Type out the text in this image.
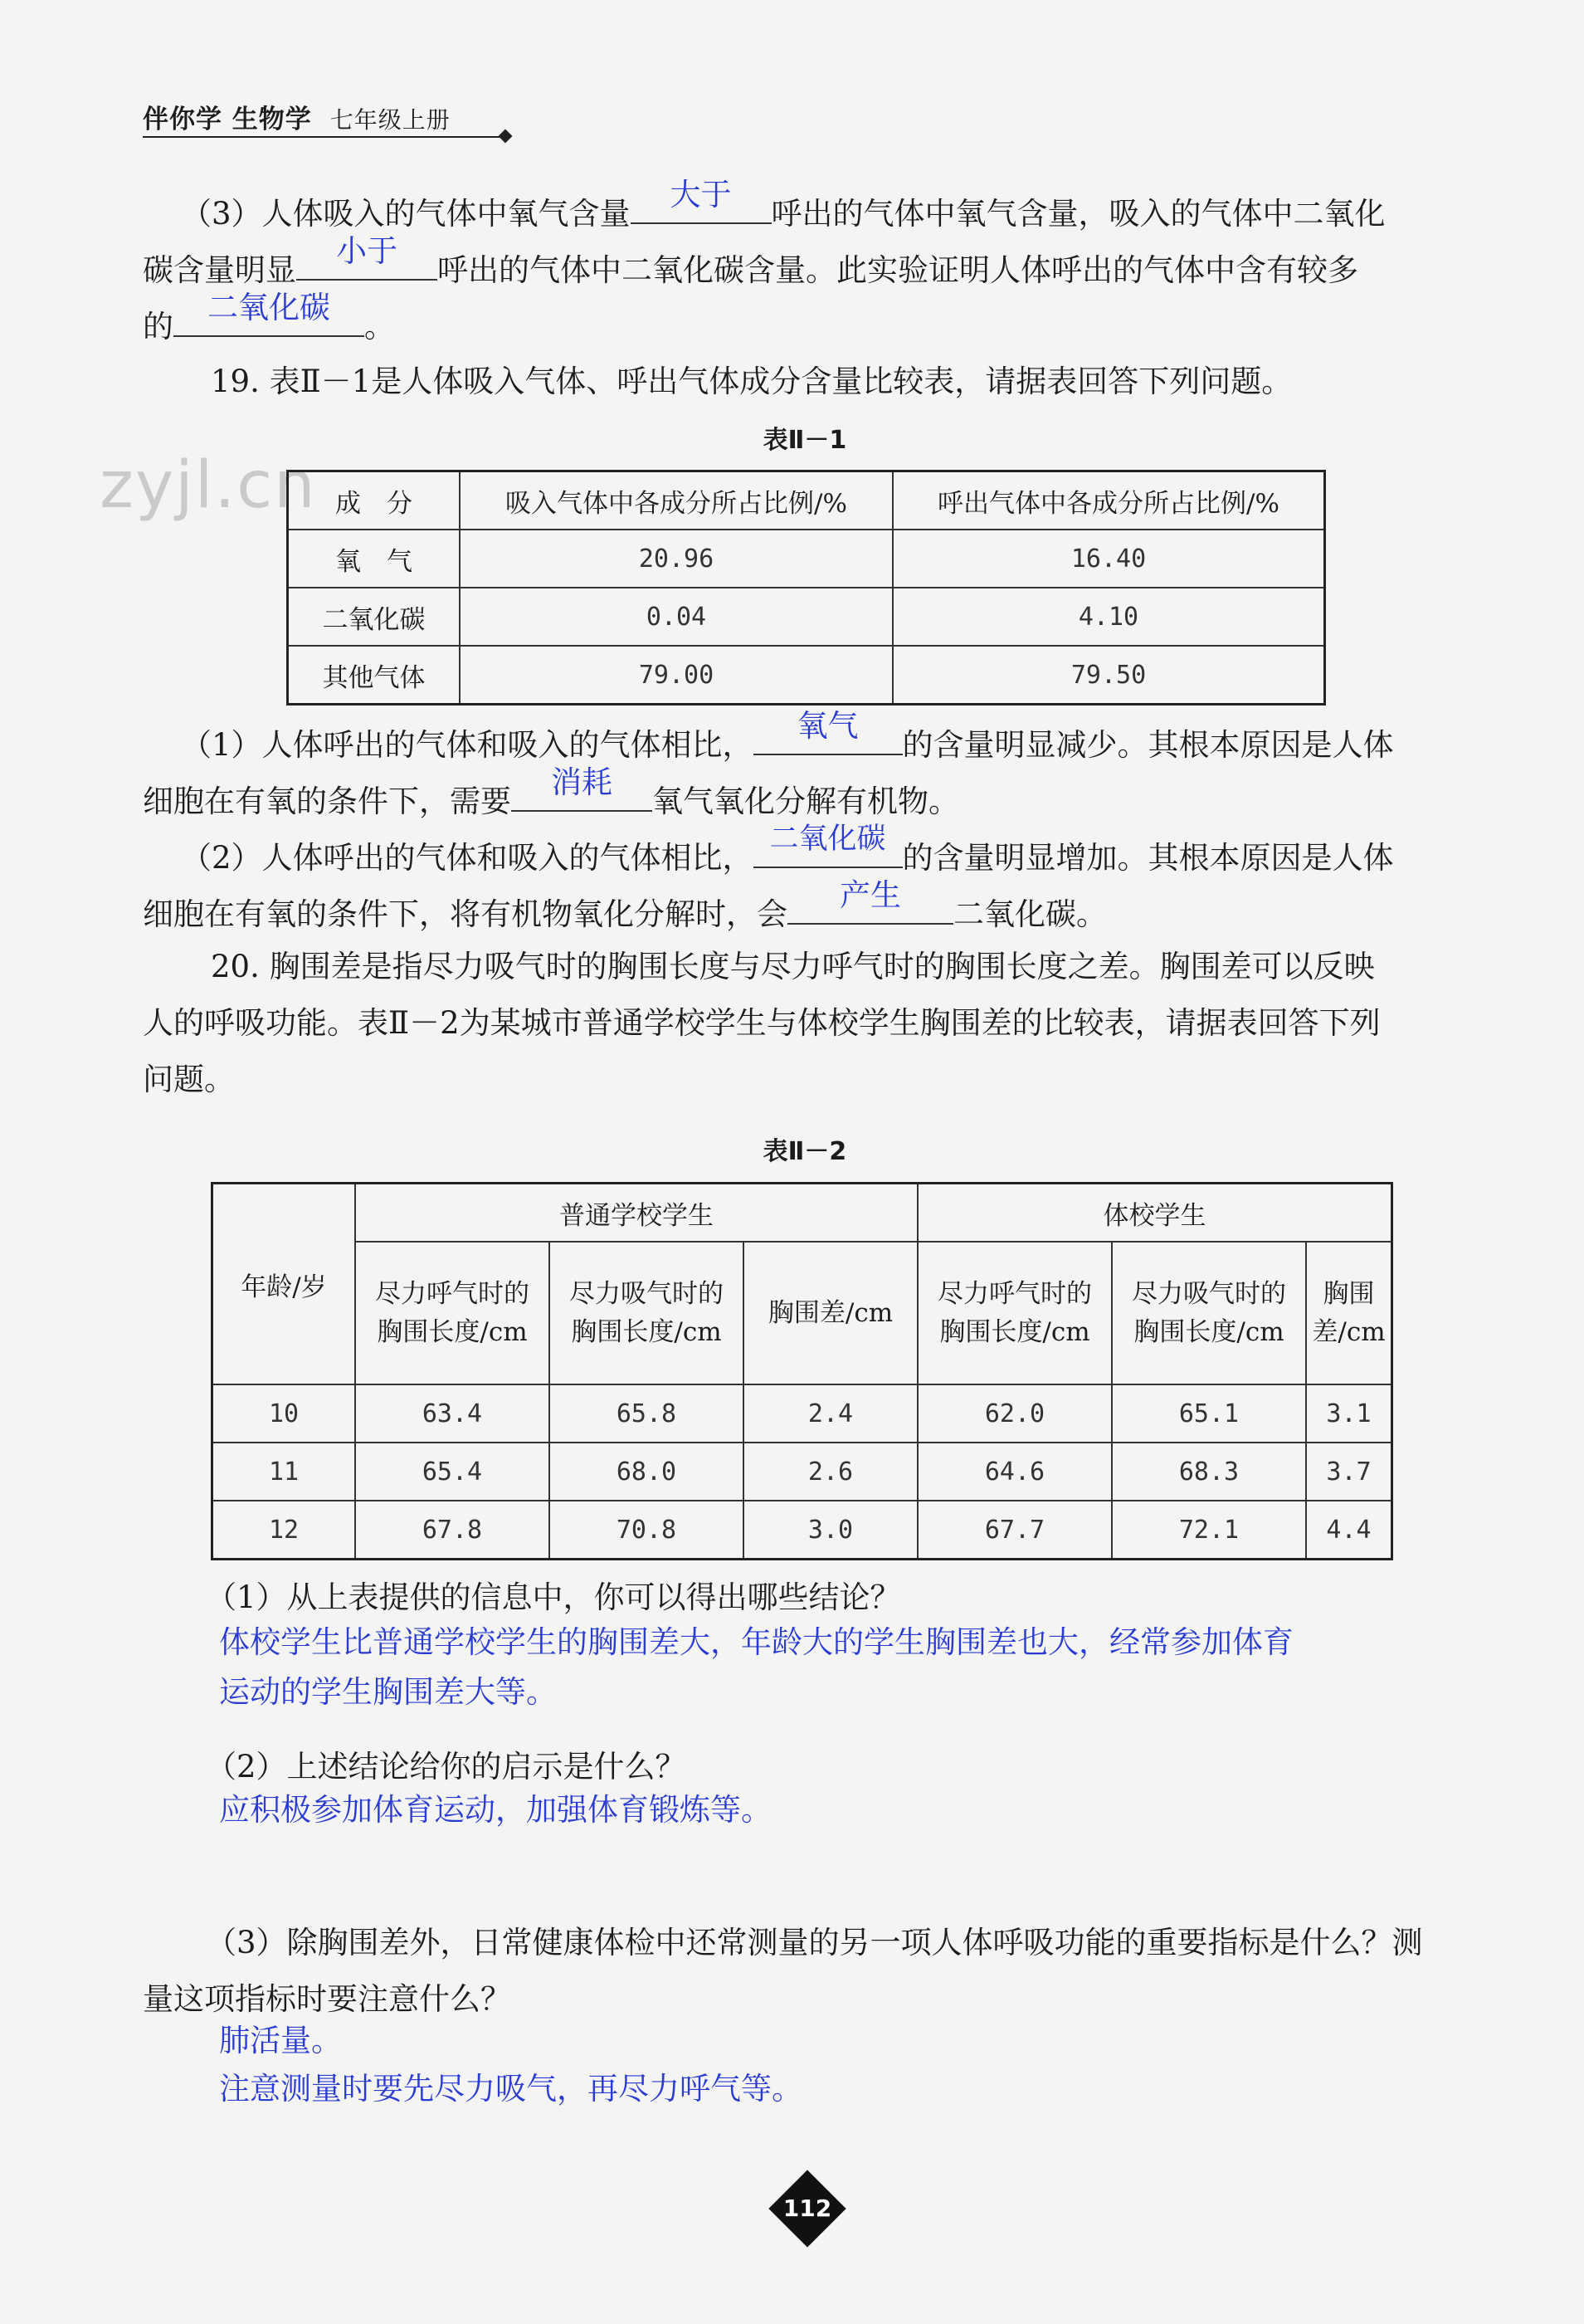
伴你学 生物学 七年级上册
zyjl.cn
（3）人体吸入的气体中氧气含量
大于
呼出的气体中氧气含量，吸入的气体中二氧化
碳含量明显
小于
呼出的气体中二氧化碳含量。此实验证明人体呼出的气体中含有较多
的
二氧化碳
。
19. 表Ⅱ－1是人体吸入气体、呼出气体成分含量比较表，请据表回答下列问题。
表Ⅱ－1
成　分	吸入气体中各成分所占比例/%	呼出气体中各成分所占比例/%
氧　气	20.96	16.40
二氧化碳	0.04	4.10
其他气体	79.00	79.50
（1）人体呼出的气体和吸入的气体相比，
氧气
的含量明显减少。其根本原因是人体
细胞在有氧的条件下，需要
消耗
氧气氧化分解有机物。
（2）人体呼出的气体和吸入的气体相比，
二氧化碳
的含量明显增加。其根本原因是人体
细胞在有氧的条件下，将有机物氧化分解时，会
产生
二氧化碳。
20. 胸围差是指尽力吸气时的胸围长度与尽力呼气时的胸围长度之差。胸围差可以反映
人的呼吸功能。表Ⅱ－2为某城市普通学校学生与体校学生胸围差的比较表，请据表回答下列
问题。
表Ⅱ－2
年龄/岁	普通学校学生			体校学生		
	尽力呼气时的胸围长度/cm	尽力吸气时的胸围长度/cm	胸围差/cm	尽力呼气时的胸围长度/cm	尽力吸气时的胸围长度/cm	胸围差/cm
10	63.4	65.8	2.4	62.0	65.1	3.1
11	65.4	68.0	2.6	64.6	68.3	3.7
12	67.8	70.8	3.0	67.7	72.1	4.4
（1）从上表提供的信息中，你可以得出哪些结论？
体校学生比普通学校学生的胸围差大，年龄大的学生胸围差也大，经常参加体育
运动的学生胸围差大等。
（2）上述结论给你的启示是什么？
应积极参加体育运动，加强体育锻炼等。
（3）除胸围差外，日常健康体检中还常测量的另一项人体呼吸功能的重要指标是什么？测
量这项指标时要注意什么？
肺活量。
注意测量时要先尽力吸气，再尽力呼气等。
112
